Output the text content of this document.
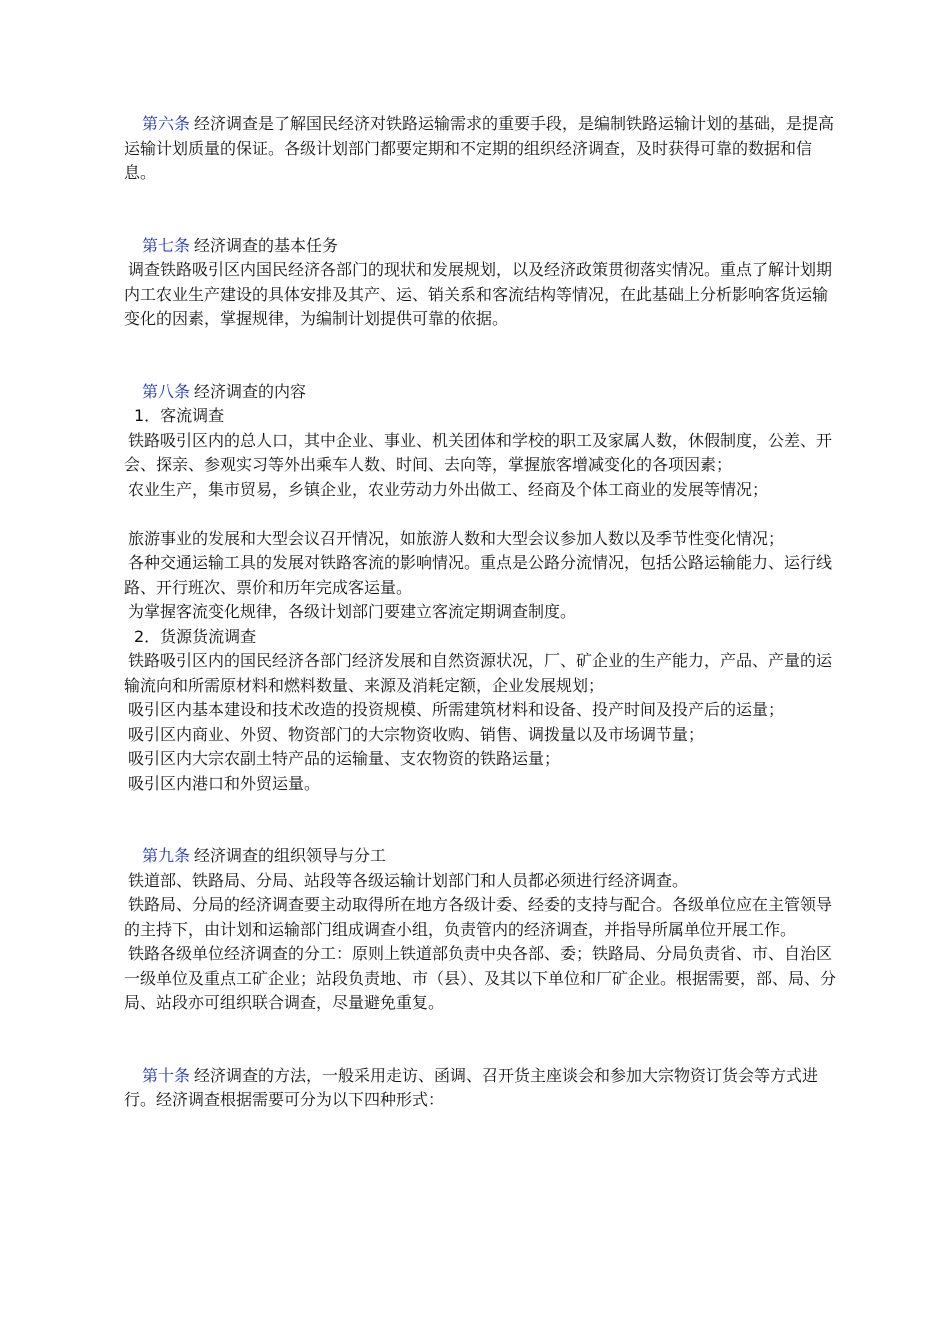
第六条 经济调查是了解国民经济对铁路运输需求的重要手段，是编制铁路运输计划的基础，是提高运输计划质量的保证。各级计划部门都要定期和不定期的组织经济调查，及时获得可靠的数据和信息。

第七条 经济调查的基本任务

调查铁路吸引区内国民经济各部门的现状和发展规划，以及经济政策贯彻落实情况。重点了解计划期内工农业生产建设的具体安排及其产、运、销关系和客流结构等情况，在此基础上分析影响客货运输变化的因素，掌握规律，为编制计划提供可靠的依据。

第八条 经济调查的内容

1．客流调查

铁路吸引区内的总人口，其中企业、事业、机关团体和学校的职工及家属人数，休假制度，公差、开会、探亲、参观实习等外出乘车人数、时间、去向等，掌握旅客增减变化的各项因素；

农业生产，集市贸易，乡镇企业，农业劳动力外出做工、经商及个体工商业的发展等情况；

旅游事业的发展和大型会议召开情况，如旅游人数和大型会议参加人数以及季节性变化情况；

各种交通运输工具的发展对铁路客流的影响情况。重点是公路分流情况，包括公路运输能力、运行线路、开行班次、票价和历年完成客运量。

为掌握客流变化规律，各级计划部门要建立客流定期调查制度。

2．货源货流调查

铁路吸引区内的国民经济各部门经济发展和自然资源状况，厂、矿企业的生产能力，产品、产量的运输流向和所需原材料和燃料数量、来源及消耗定额，企业发展规划；

吸引区内基本建设和技术改造的投资规模、所需建筑材料和设备、投产时间及投产后的运量；

吸引区内商业、外贸、物资部门的大宗物资收购、销售、调拨量以及市场调节量；

吸引区内大宗农副土特产品的运输量、支农物资的铁路运量；

吸引区内港口和外贸运量。

第九条 经济调查的组织领导与分工

铁道部、铁路局、分局、站段等各级运输计划部门和人员都必须进行经济调查。

铁路局、分局的经济调查要主动取得所在地方各级计委、经委的支持与配合。各级单位应在主管领导的主持下，由计划和运输部门组成调查小组，负责管内的经济调查，并指导所属单位开展工作。

铁路各级单位经济调查的分工：原则上铁道部负责中央各部、委；铁路局、分局负责省、市、自治区一级单位及重点工矿企业；站段负责地、市（县）、及其以下单位和厂矿企业。根据需要，部、局、分局、站段亦可组织联合调查，尽量避免重复。

第十条 经济调查的方法，一般采用走访、函调、召开货主座谈会和参加大宗物资订货会等方式进行。经济调查根据需要可分为以下四种形式：
